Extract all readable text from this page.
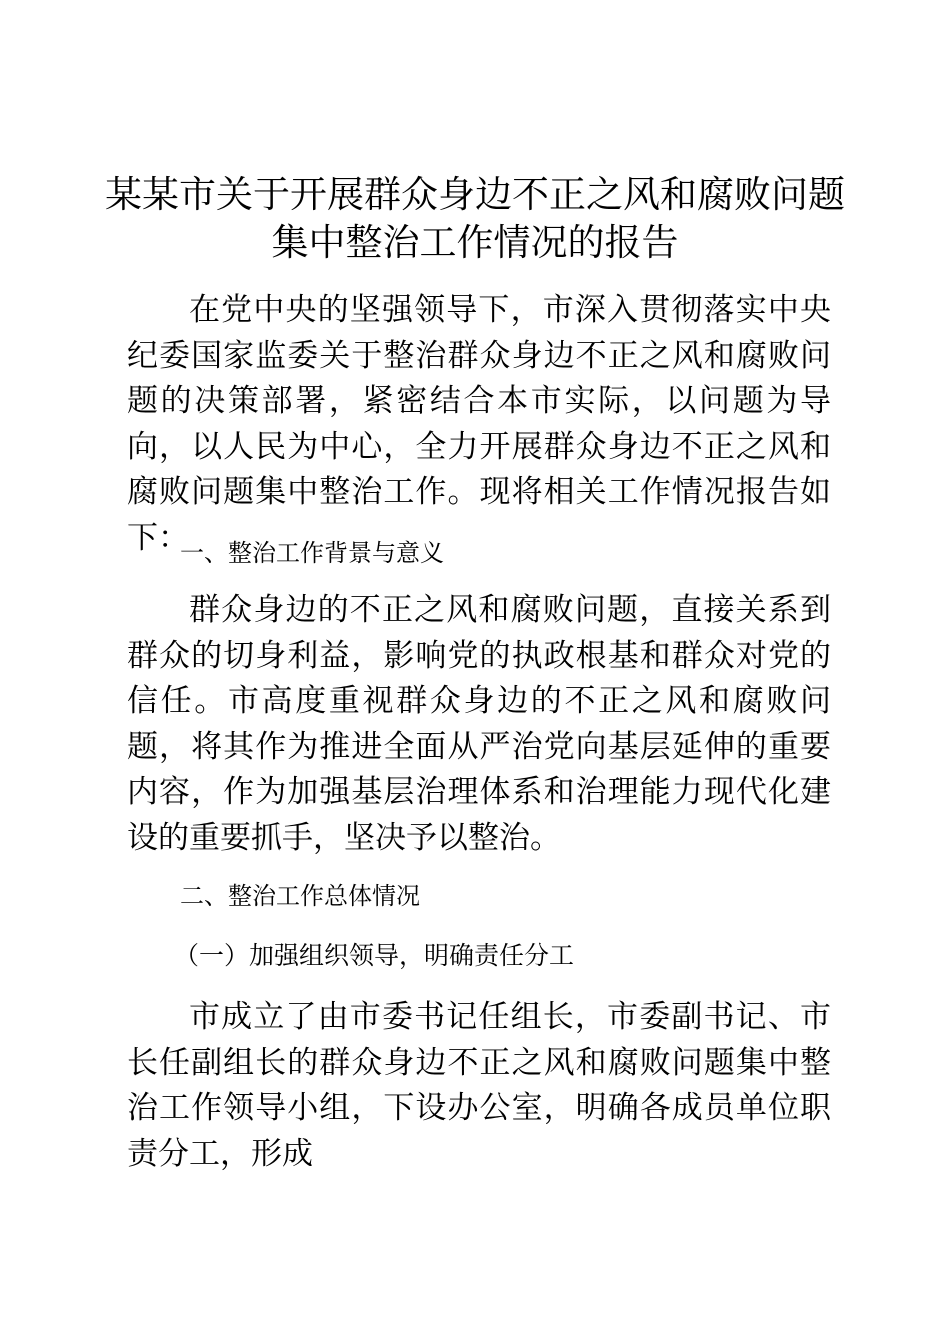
某某市关于开展群众身边不正之风和腐败问题
集中整治工作情况的报告

在党中央的坚强领导下，市深入贯彻落实中央纪委国家监委关于整治群众身边不正之风和腐败问题的决策部署，紧密结合本市实际，以问题为导向，以人民为中心，全力开展群众身边不正之风和腐败问题集中整治工作。现将相关工作情况报告如下：

一、整治工作背景与意义

群众身边的不正之风和腐败问题，直接关系到群众的切身利益，影响党的执政根基和群众对党的信任。市高度重视群众身边的不正之风和腐败问题，将其作为推进全面从严治党向基层延伸的重要内容，作为加强基层治理体系和治理能力现代化建设的重要抓手，坚决予以整治。

二、整治工作总体情况

（一）加强组织领导，明确责任分工

市成立了由市委书记任组长，市委副书记、市长任副组长的群众身边不正之风和腐败问题集中整治工作领导小组，下设办公室，明确各成员单位职责分工，形成
